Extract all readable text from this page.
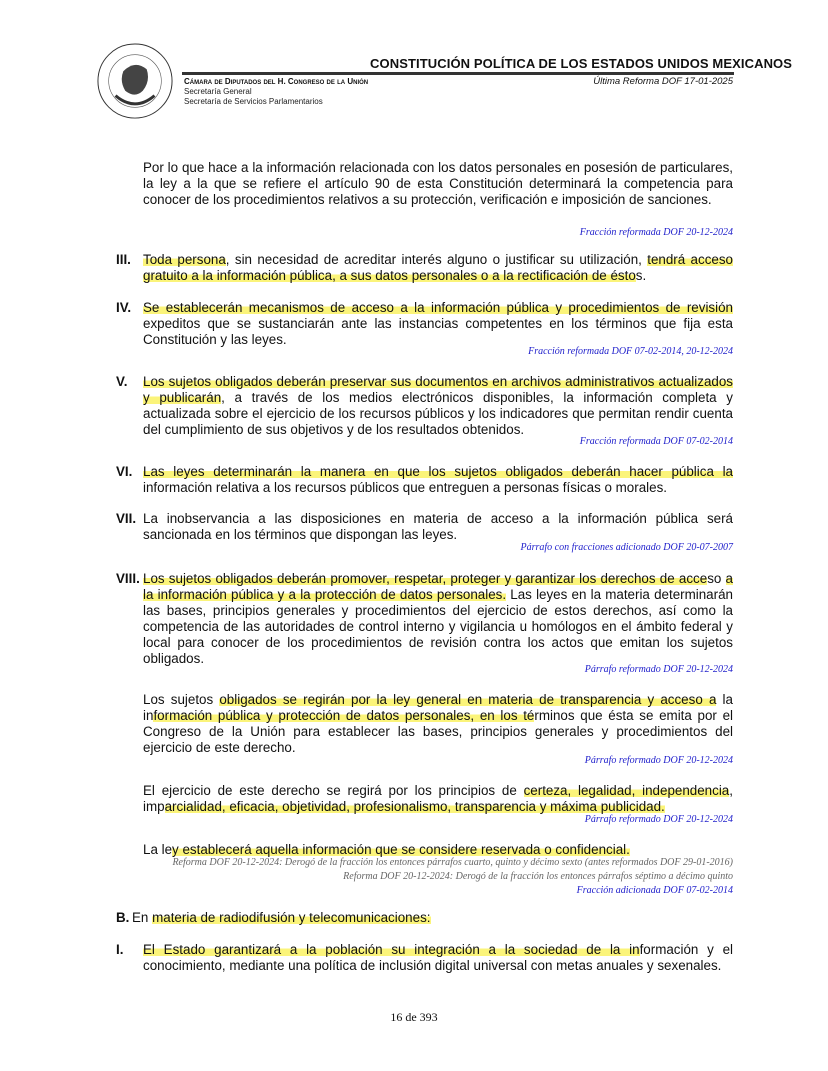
CONSTITUCIÓN POLÍTICA DE LOS ESTADOS UNIDOS MEXICANOS
Cámara de Diputados del H. Congreso de la Unión
Secretaría General
Secretaría de Servicios Parlamentarios
Última Reforma DOF 17-01-2025
Por lo que hace a la información relacionada con los datos personales en posesión de particulares, la ley a la que se refiere el artículo 90 de esta Constitución determinará la competencia para conocer de los procedimientos relativos a su protección, verificación e imposición de sanciones.
III. Toda persona, sin necesidad de acreditar interés alguno o justificar su utilización, tendrá acceso gratuito a la información pública, a sus datos personales o a la rectificación de éstos.
IV. Se establecerán mecanismos de acceso a la información pública y procedimientos de revisión expeditos que se sustanciarán ante las instancias competentes en los términos que fija esta Constitución y las leyes.
V. Los sujetos obligados deberán preservar sus documentos en archivos administrativos actualizados y publicarán, a través de los medios electrónicos disponibles, la información completa y actualizada sobre el ejercicio de los recursos públicos y los indicadores que permitan rendir cuenta del cumplimiento de sus objetivos y de los resultados obtenidos.
VI. Las leyes determinarán la manera en que los sujetos obligados deberán hacer pública la información relativa a los recursos públicos que entreguen a personas físicas o morales.
VII. La inobservancia a las disposiciones en materia de acceso a la información pública será sancionada en los términos que dispongan las leyes.
VIII. Los sujetos obligados deberán promover, respetar, proteger y garantizar los derechos de acceso a la información pública y a la protección de datos personales. Las leyes en la materia determinarán las bases, principios generales y procedimientos del ejercicio de estos derechos, así como la competencia de las autoridades de control interno y vigilancia u homólogos en el ámbito federal y local para conocer de los procedimientos de revisión contra los actos que emitan los sujetos obligados.
Los sujetos obligados se regirán por la ley general en materia de transparencia y acceso a la información pública y protección de datos personales, en los términos que ésta se emita por el Congreso de la Unión para establecer las bases, principios generales y procedimientos del ejercicio de este derecho.
El ejercicio de este derecho se regirá por los principios de certeza, legalidad, independencia, imparcialidad, eficacia, objetividad, profesionalismo, transparencia y máxima publicidad.
La ley establecerá aquella información que se considere reservada o confidencial.
B. En materia de radiodifusión y telecomunicaciones:
I. El Estado garantizará a la población su integración a la sociedad de la información y el conocimiento, mediante una política de inclusión digital universal con metas anuales y sexenales.
Fracción reformada DOF 20-12-2024
Fracción reformada DOF 07-02-2014, 20-12-2024
Fracción reformada DOF 07-02-2014
Párrafo con fracciones adicionado DOF 20-07-2007
Párrafo reformado DOF 20-12-2024
Párrafo reformado DOF 20-12-2024
Párrafo reformado DOF 20-12-2024
Reforma DOF 20-12-2024: Derogó de la fracción los entonces párrafos cuarto, quinto y décimo sexto (antes reformados DOF 29-01-2016)
Reforma DOF 20-12-2024: Derogó de la fracción los entonces párrafos séptimo a décimo quinto
Fracción adicionada DOF 07-02-2014
16 de 393
